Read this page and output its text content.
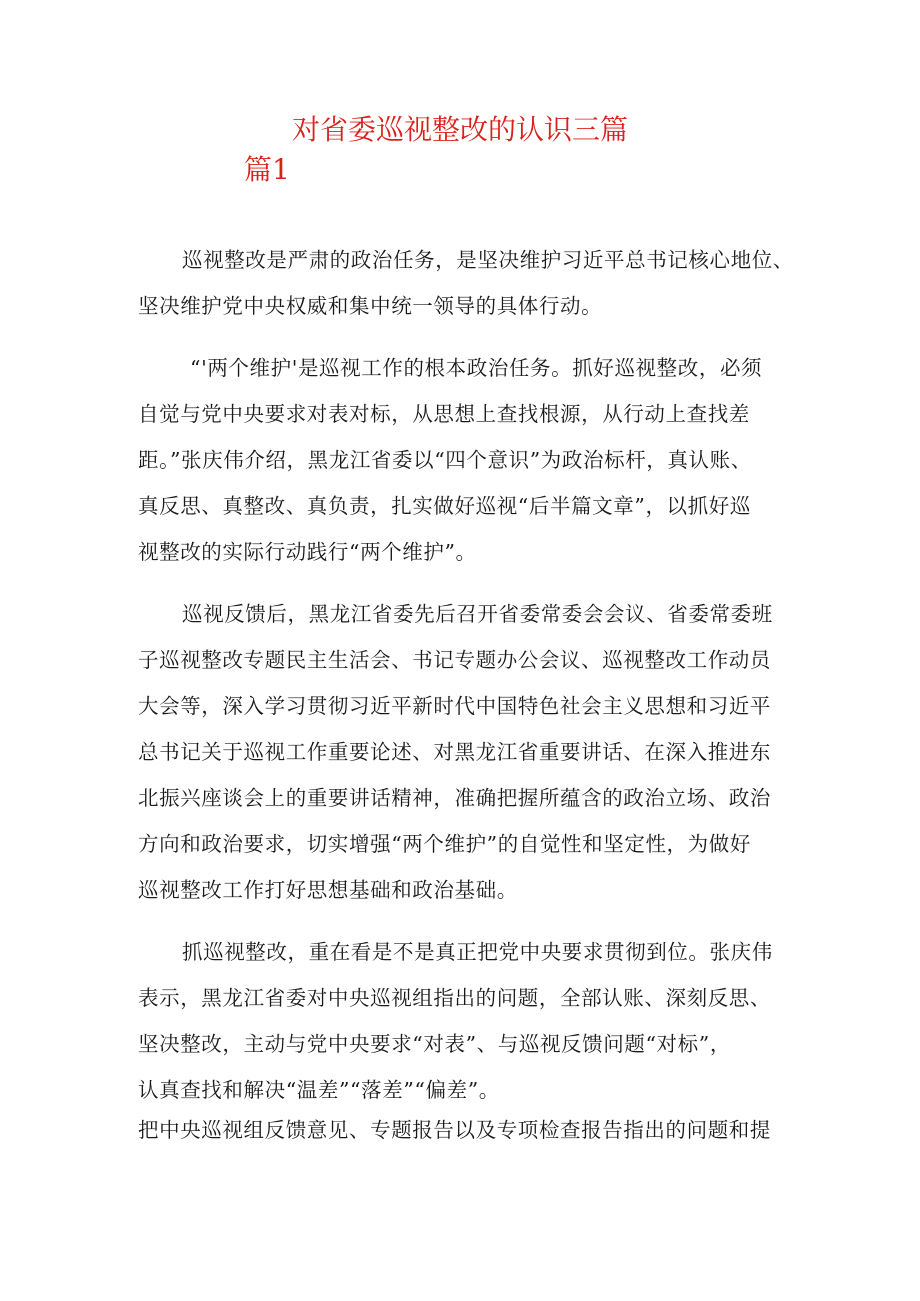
对省委巡视整改的认识三篇
篇1
巡视整改是严肃的政治任务，是坚决维护习近平总书记核心地位、
坚决维护党中央权威和集中统一领导的具体行动。
“'两个维护'是巡视工作的根本政治任务。抓好巡视整改，必须
自觉与党中央要求对表对标，从思想上查找根源，从行动上查找差
距。”张庆伟介绍，黑龙江省委以“四个意识”为政治标杆，真认账、
真反思、真整改、真负责，扎实做好巡视“后半篇文章”，以抓好巡
视整改的实际行动践行“两个维护”。
巡视反馈后，黑龙江省委先后召开省委常委会会议、省委常委班
子巡视整改专题民主生活会、书记专题办公会议、巡视整改工作动员
大会等，深入学习贯彻习近平新时代中国特色社会主义思想和习近平
总书记关于巡视工作重要论述、对黑龙江省重要讲话、在深入推进东
北振兴座谈会上的重要讲话精神，准确把握所蕴含的政治立场、政治
方向和政治要求，切实增强“两个维护”的自觉性和坚定性，为做好
巡视整改工作打好思想基础和政治基础。
抓巡视整改，重在看是不是真正把党中央要求贯彻到位。张庆伟
表示，黑龙江省委对中央巡视组指出的问题，全部认账、深刻反思、
坚决整改，主动与党中央要求“对表”、与巡视反馈问题“对标”，
认真查找和解决“温差”“落差”“偏差”。
把中央巡视组反馈意见、专题报告以及专项检查报告指出的问题和提
